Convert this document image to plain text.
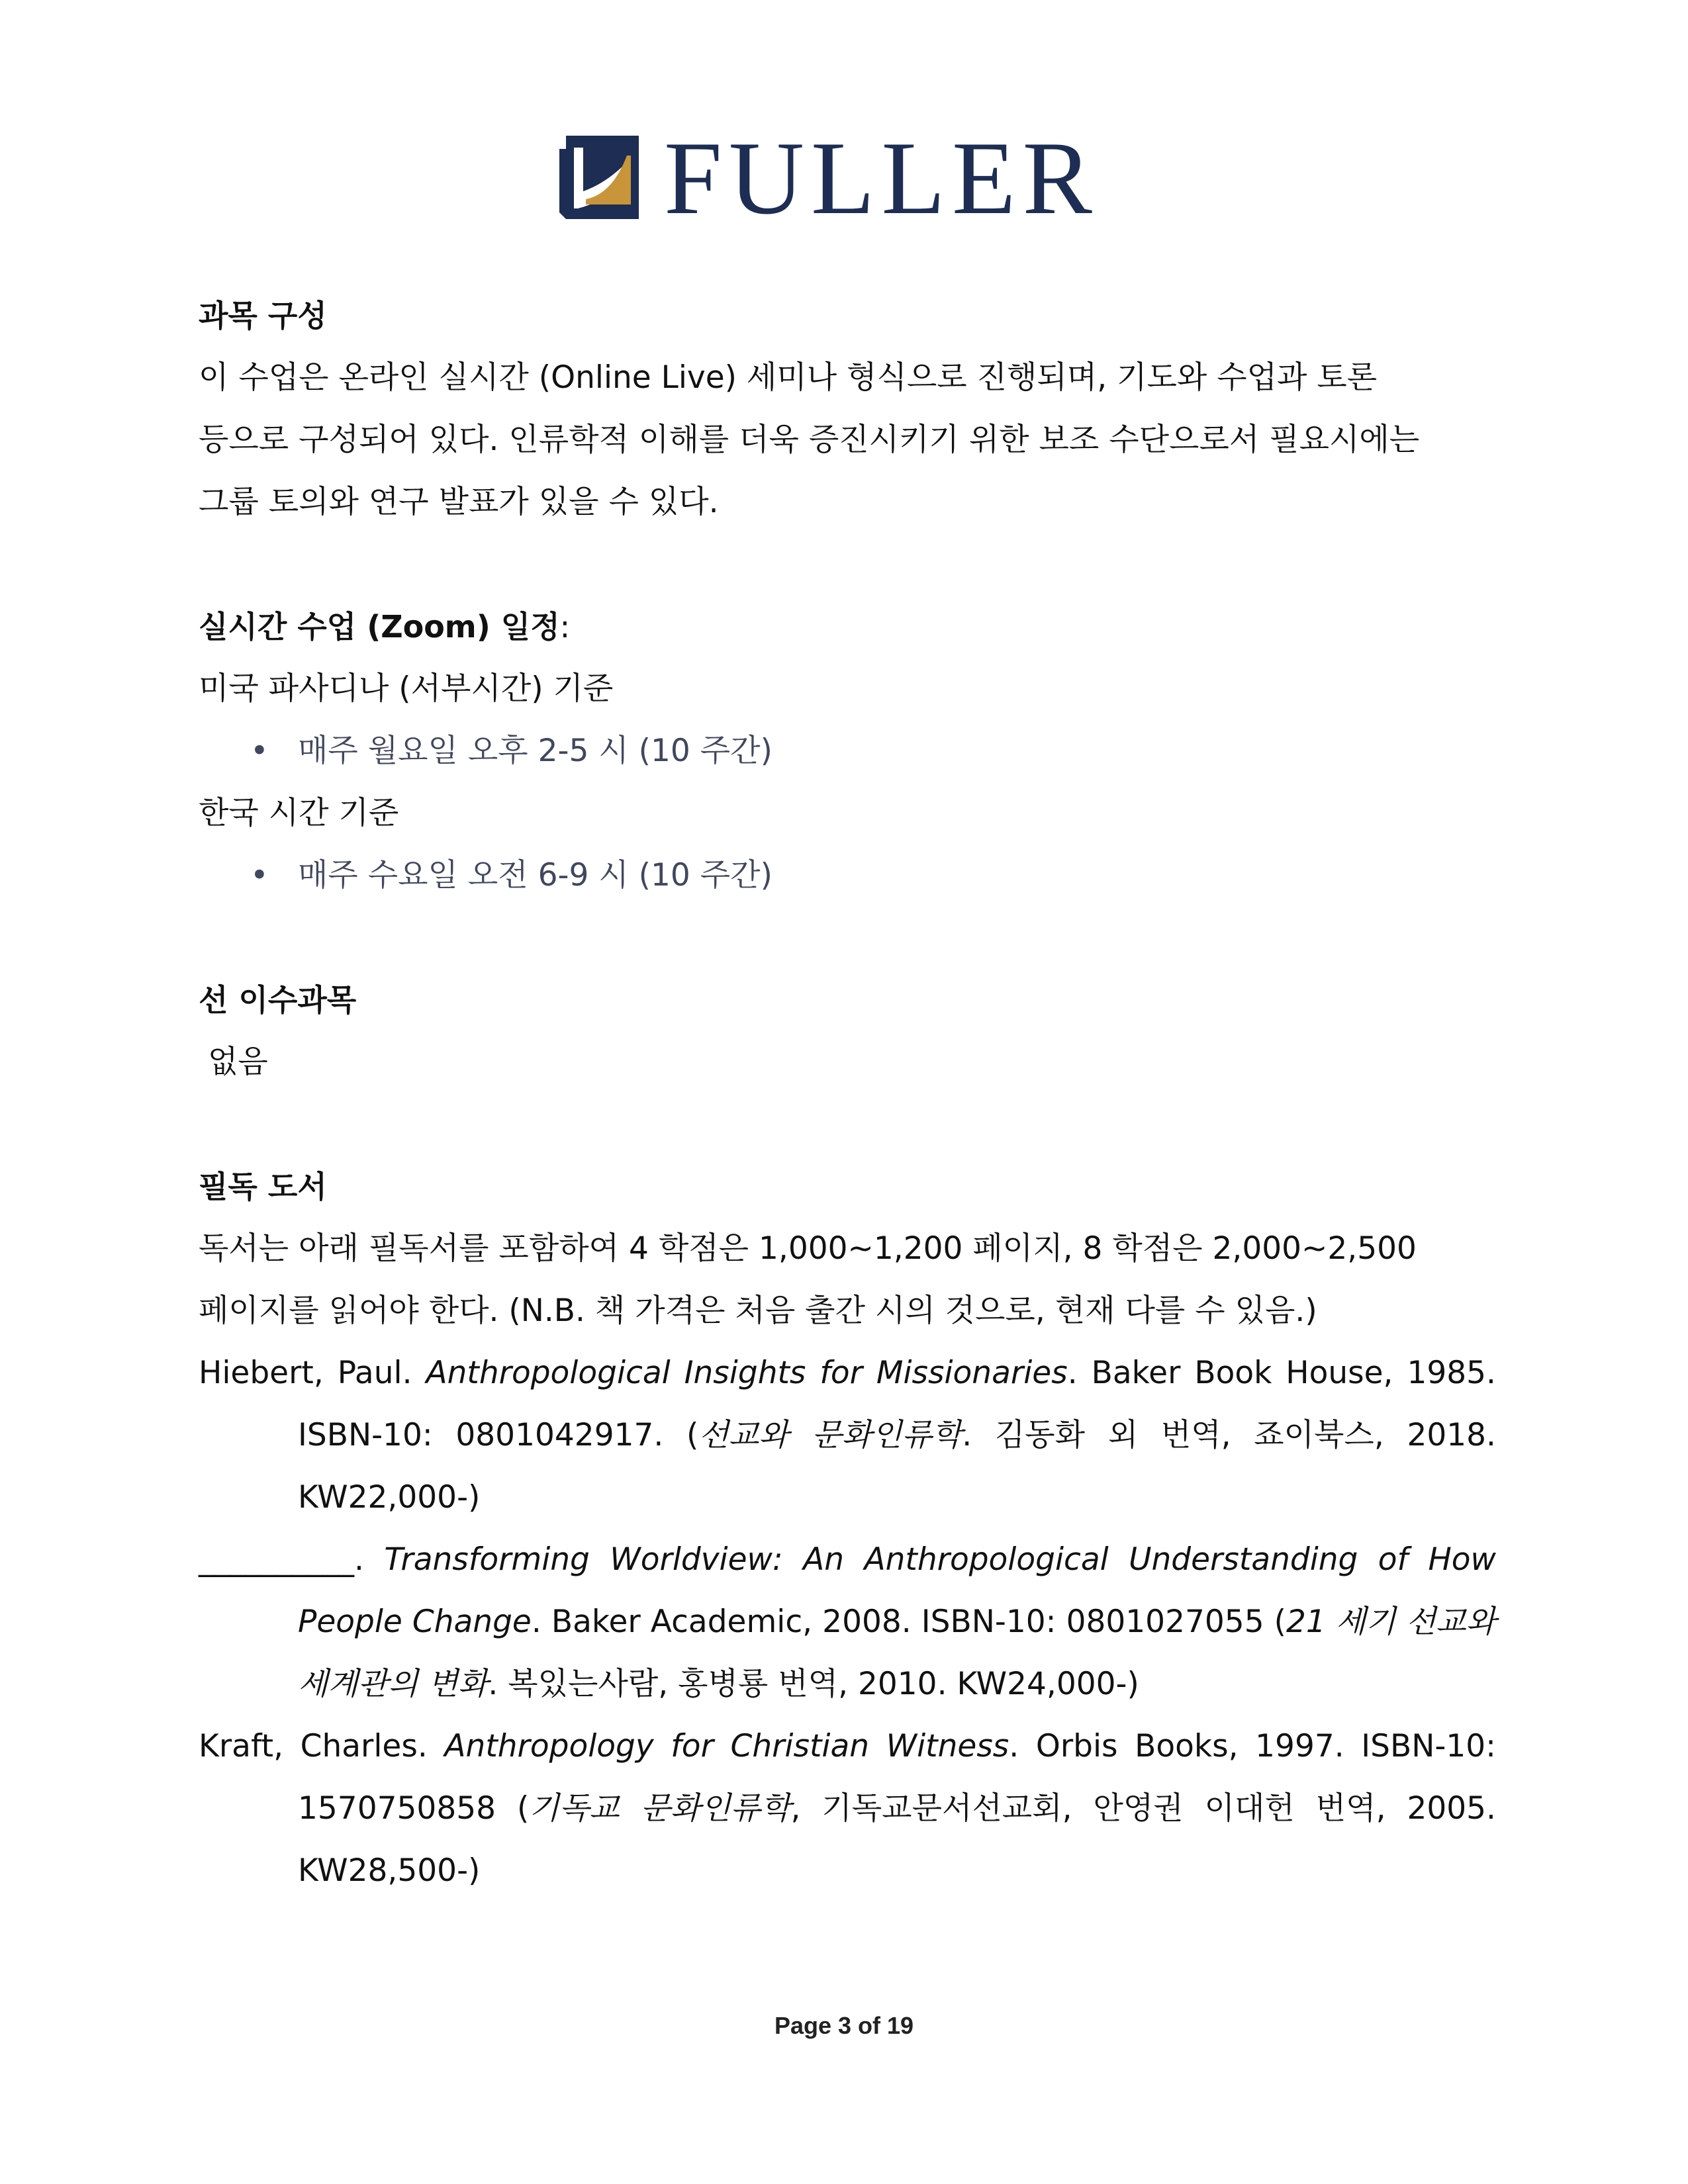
FULLER

과목 구성

이 수업은 온라인 실시간 (Online Live) 세미나 형식으로 진행되며, 기도와 수업과 토론

등으로 구성되어 있다. 인류학적 이해를 더욱 증진시키기 위한 보조 수단으로서 필요시에는

그룹 토의와 연구 발표가 있을 수 있다.

실시간 수업 (Zoom) 일정:

미국 파사디나 (서부시간) 기준

• 매주 월요일 오후 2-5 시 (10 주간)

한국 시간 기준

• 매주 수요일 오전 6-9 시 (10 주간)

선 이수과목

없음

필독 도서

독서는 아래 필독서를 포함하여 4 학점은 1,000~1,200 페이지, 8 학점은 2,000~2,500

페이지를 읽어야 한다. (N.B. 책 가격은 처음 출간 시의 것으로, 현재 다를 수 있음.)

Hiebert, Paul. Anthropological Insights for Missionaries. Baker Book House, 1985. ISBN-10: 0801042917. (선교와 문화인류학. 김동화 외 번역, 죠이북스, 2018. KW22,000-)

__________. Transforming Worldview: An Anthropological Understanding of How People Change. Baker Academic, 2008. ISBN-10: 0801027055 (21 세기 선교와 세계관의 변화. 복있는사람, 홍병룡 번역, 2010. KW24,000-)

Kraft, Charles. Anthropology for Christian Witness. Orbis Books, 1997. ISBN-10: 1570750858 (기독교 문화인류학, 기독교문서선교회, 안영권 이대헌 번역, 2005. KW28,500-)

Page 3 of 19
